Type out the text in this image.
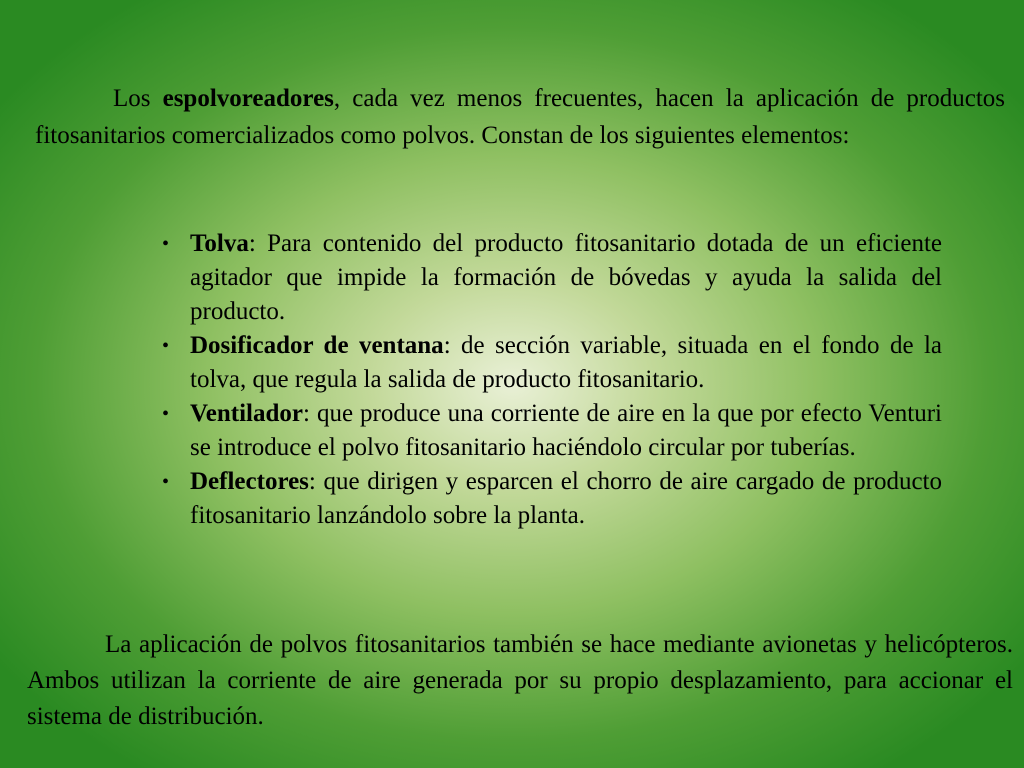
Los espolvoreadores, cada vez menos frecuentes, hacen la aplicación de productos fitosanitarios comercializados como polvos. Constan de los siguientes elementos:

• Tolva: Para contenido del producto fitosanitario dotada de un eficiente agitador que impide la formación de bóvedas y ayuda la salida del producto.
• Dosificador de ventana: de sección variable, situada en el fondo de la tolva, que regula la salida de producto fitosanitario.
• Ventilador: que produce una corriente de aire en la que por efecto Venturi se introduce el polvo fitosanitario haciéndolo circular por tuberías.
• Deflectores: que dirigen y esparcen el chorro de aire cargado de producto fitosanitario lanzándolo sobre la planta.

La aplicación de polvos fitosanitarios también se hace mediante avionetas y helicópteros. Ambos utilizan la corriente de aire generada por su propio desplazamiento, para accionar el sistema de distribución.
